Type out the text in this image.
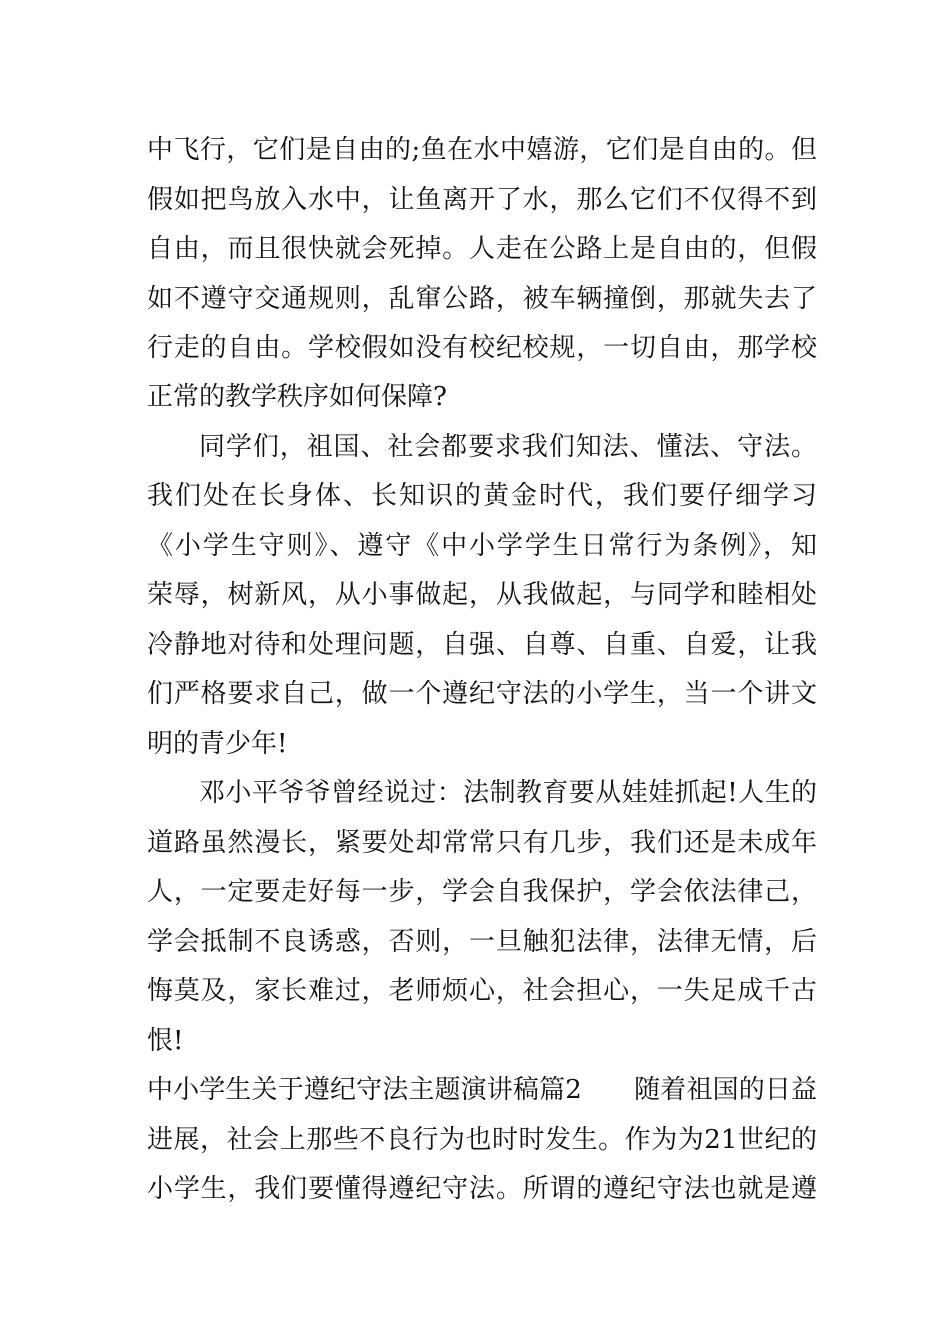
中飞行，它们是自由的;鱼在水中嬉游，它们是自由的。但
假如把鸟放入水中，让鱼离开了水，那么它们不仅得不到
自由，而且很快就会死掉。人走在公路上是自由的，但假
如不遵守交通规则，乱窜公路，被车辆撞倒，那就失去了
行走的自由。学校假如没有校纪校规，一切自由，那学校
正常的教学秩序如何保障?
同学们，祖国、社会都要求我们知法、懂法、守法。
我们处在长身体、长知识的黄金时代，我们要仔细学习
《小学生守则》、遵守《中小学学生日常行为条例》，知
荣辱，树新风，从小事做起，从我做起，与同学和睦相处
冷静地对待和处理问题，自强、自尊、自重、自爱，让我
们严格要求自己，做一个遵纪守法的小学生，当一个讲文
明的青少年!
邓小平爷爷曾经说过：法制教育要从娃娃抓起!人生的
道路虽然漫长，紧要处却常常只有几步，我们还是未成年
人，一定要走好每一步，学会自我保护，学会依法律己，
学会抵制不良诱惑，否则，一旦触犯法律，法律无情，后
悔莫及，家长难过，老师烦心，社会担心，一失足成千古
恨!
中小学生关于遵纪守法主题演讲稿篇2　　随着祖国的日益
进展，社会上那些不良行为也时时发生。作为为21世纪的
小学生，我们要懂得遵纪守法。所谓的遵纪守法也就是遵
